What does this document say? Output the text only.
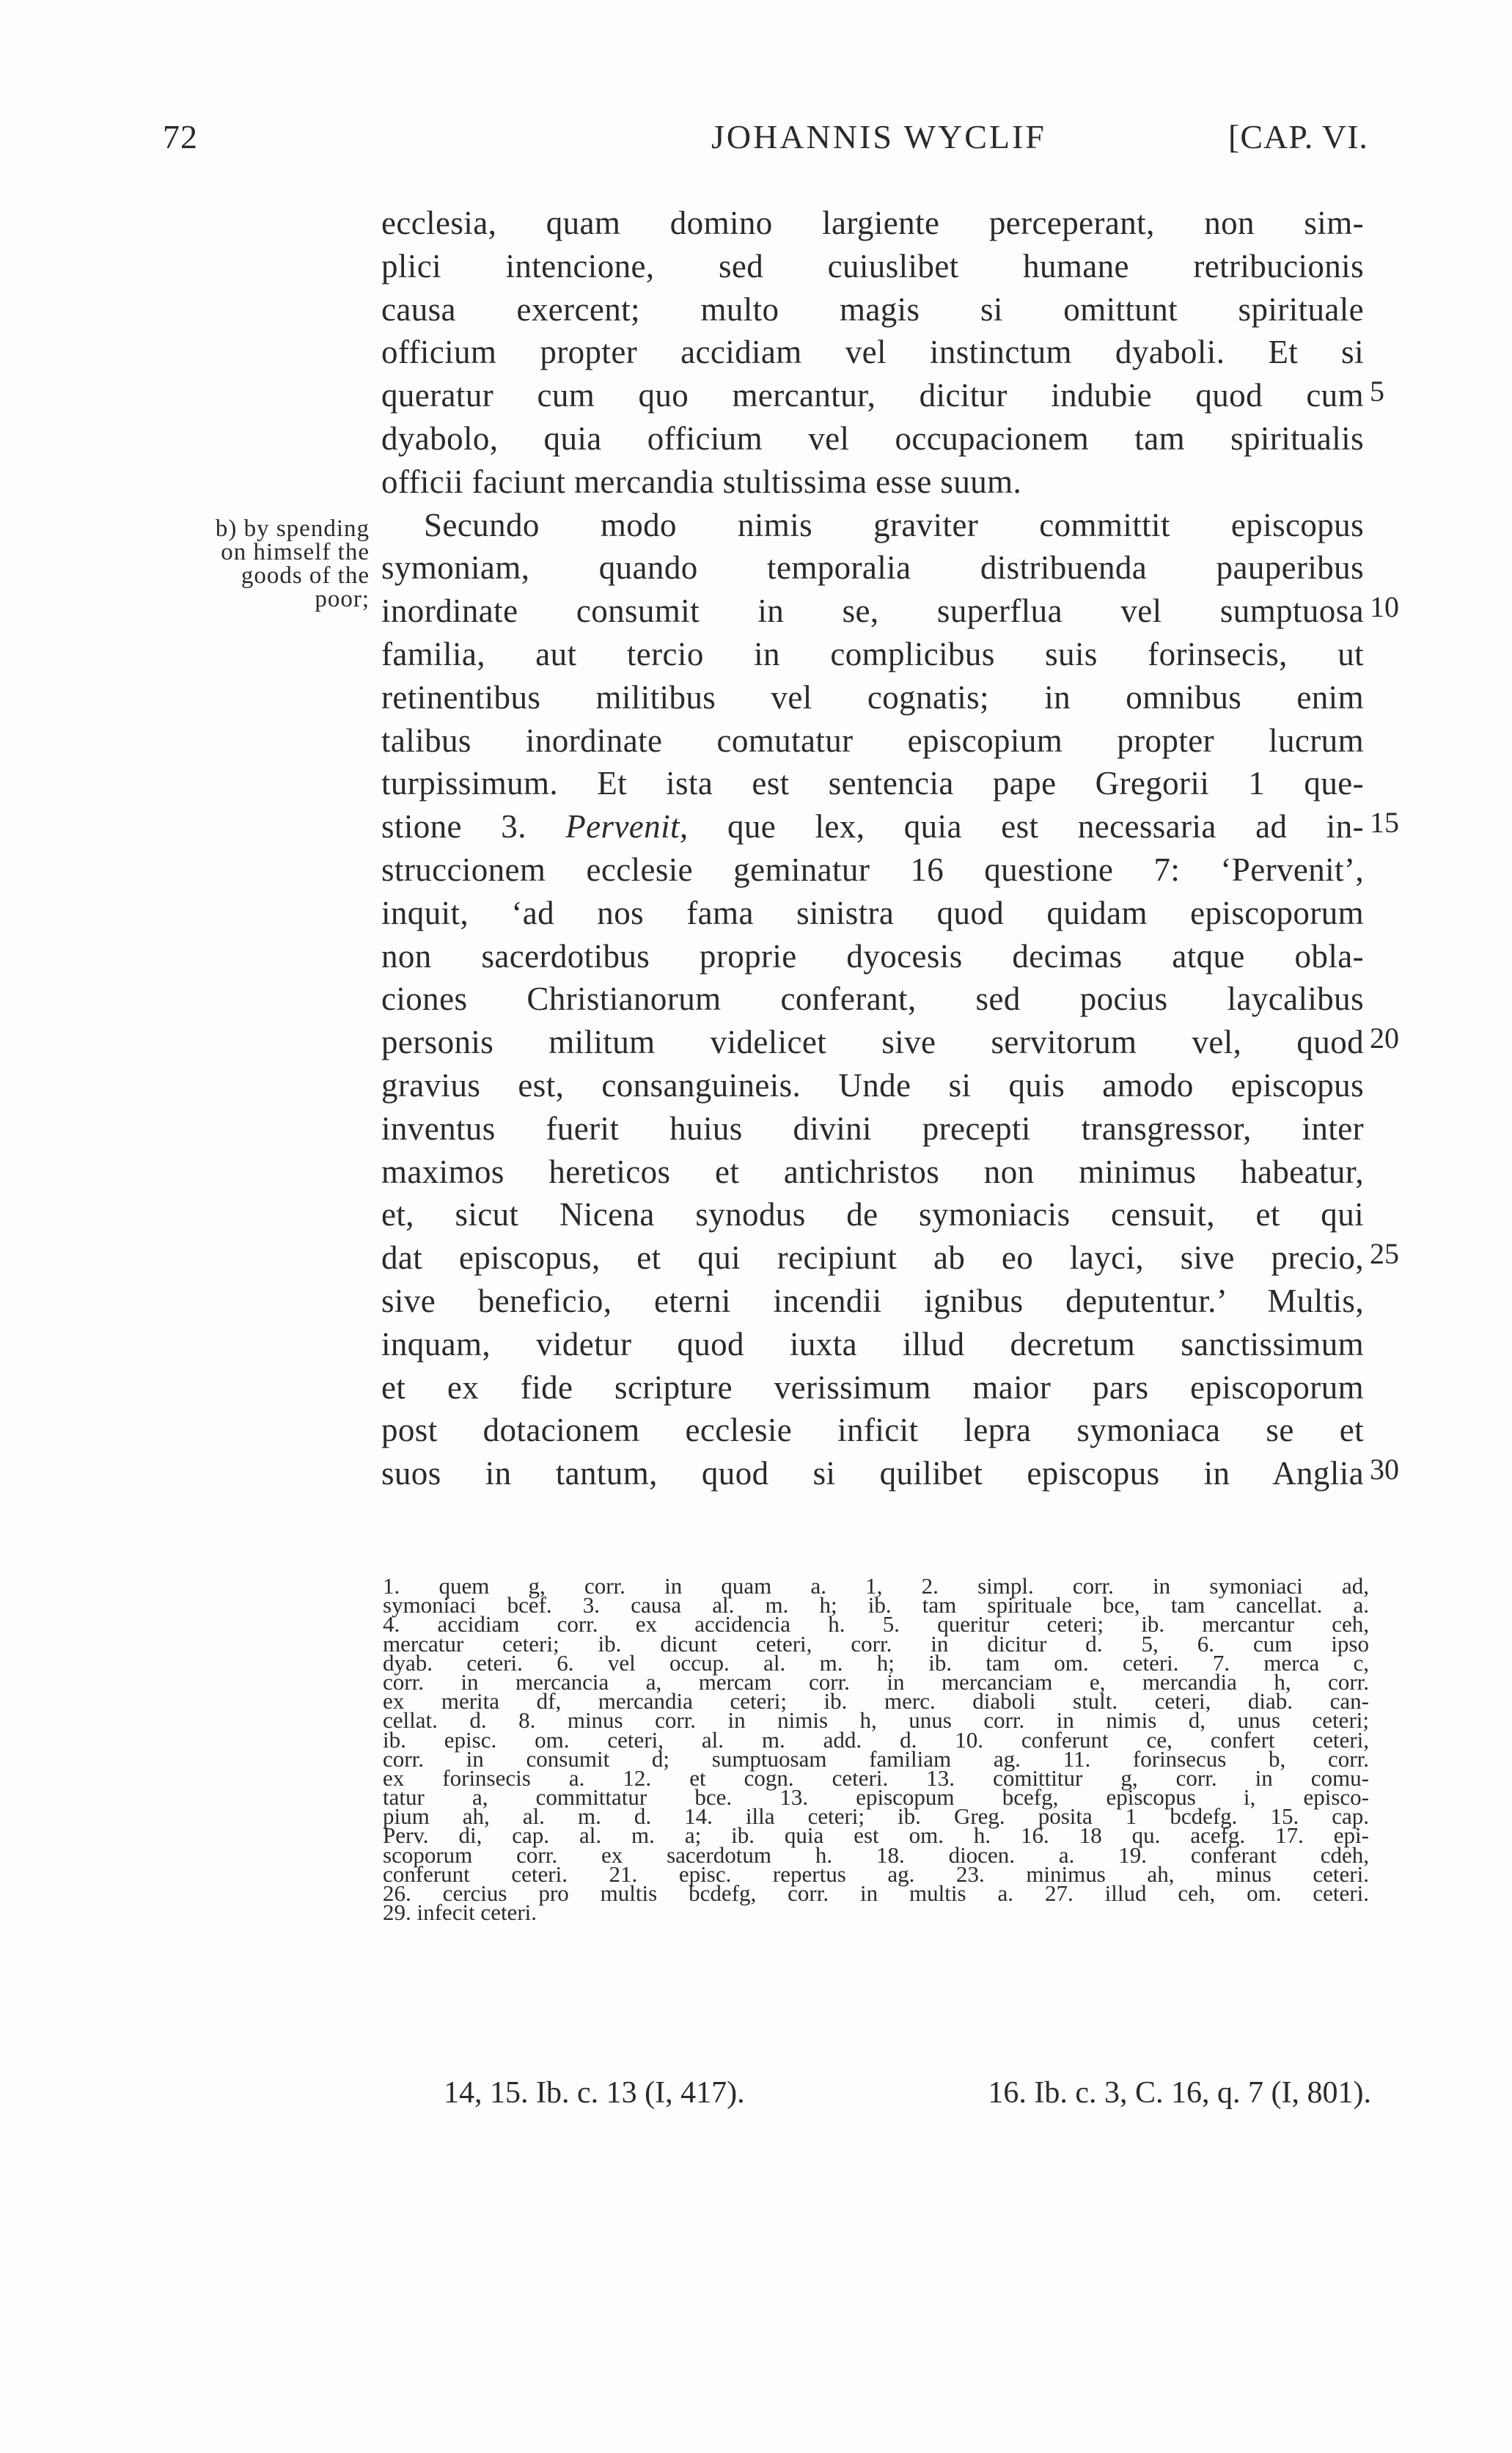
72	JOHANNIS WYCLIF	[CAP. VI.
b) by spending
on himself the
goods of the
poor;
ecclesia, quam domino largiente perceperant, non sim-
plici intencione, sed cuiuslibet humane retribucionis
causa exercent; multo magis si omittunt spirituale
officium propter accidiam vel instinctum dyaboli. Et si
queratur cum quo mercantur, dicitur indubie quod cum
dyabolo, quia officium vel occupacionem tam spiritualis
officii faciunt mercandia stultissima esse suum.
Secundo modo nimis graviter committit episcopus
symoniam, quando temporalia distribuenda pauperibus
inordinate consumit in se, superflua vel sumptuosa
familia, aut tercio in complicibus suis forinsecis, ut
retinentibus militibus vel cognatis; in omnibus enim
talibus inordinate comutatur episcopium propter lucrum
turpissimum. Et ista est sentencia pape Gregorii 1 que-
stione 3. Pervenit, que lex, quia est necessaria ad in-
struccionem ecclesie geminatur 16 questione 7: ‘Pervenit’,
inquit, ‘ad nos fama sinistra quod quidam episcoporum
non sacerdotibus proprie dyocesis decimas atque obla-
ciones Christianorum conferant, sed pocius laycalibus
personis militum videlicet sive servitorum vel, quod
gravius est, consanguineis. Unde si quis amodo episcopus
inventus fuerit huius divini precepti transgressor, inter
maximos hereticos et antichristos non minimus habeatur,
et, sicut Nicena synodus de symoniacis censuit, et qui
dat episcopus, et qui recipiunt ab eo layci, sive precio,
sive beneficio, eterni incendii ignibus deputentur.’ Multis,
inquam, videtur quod iuxta illud decretum sanctissimum
et ex fide scripture verissimum maior pars episcoporum
post dotacionem ecclesie inficit lepra symoniaca se et
suos in tantum, quod si quilibet episcopus in Anglia
5
10
15
20
25
30
1. quem g, corr. in quam a. 1, 2. simpl. corr. in symoniaci ad,
symoniaci bcef. 3. causa al. m. h; ib. tam spirituale bce, tam cancellat. a.
4. accidiam corr. ex accidencia h. 5. queritur ceteri; ib. mercantur ceh,
mercatur ceteri; ib. dicunt ceteri, corr. in dicitur d. 5, 6. cum ipso
dyab. ceteri. 6. vel occup. al. m. h; ib. tam om. ceteri. 7. merca c,
corr. in mercancia a, mercam corr. in mercanciam e, mercandia h, corr.
ex merita df, mercandia ceteri; ib. merc. diaboli stult. ceteri, diab. can-
cellat. d. 8. minus corr. in nimis h, unus corr. in nimis d, unus ceteri;
ib. episc. om. ceteri, al. m. add. d. 10. conferunt ce, confert ceteri,
corr. in consumit d; sumptuosam familiam ag. 11. forinsecus b, corr.
ex forinsecis a. 12. et cogn. ceteri. 13. comittitur g, corr. in comu-
tatur a, committatur bce. 13. episcopum bcefg, episcopus i, episco-
pium ah, al. m. d. 14. illa ceteri; ib. Greg. posita 1 bcdefg. 15. cap.
Perv. di, cap. al. m. a; ib. quia est om. h. 16. 18 qu. acefg. 17. epi-
scoporum corr. ex sacerdotum h. 18. diocen. a. 19. conferant cdeh,
conferunt ceteri. 21. episc. repertus ag. 23. minimus ah, minus ceteri.
26. cercius pro multis bcdefg, corr. in multis a. 27. illud ceh, om. ceteri.
29. infecit ceteri.
14, 15. Ib. c. 13 (I, 417).	16. Ib. c. 3, C. 16, q. 7 (I, 801).
